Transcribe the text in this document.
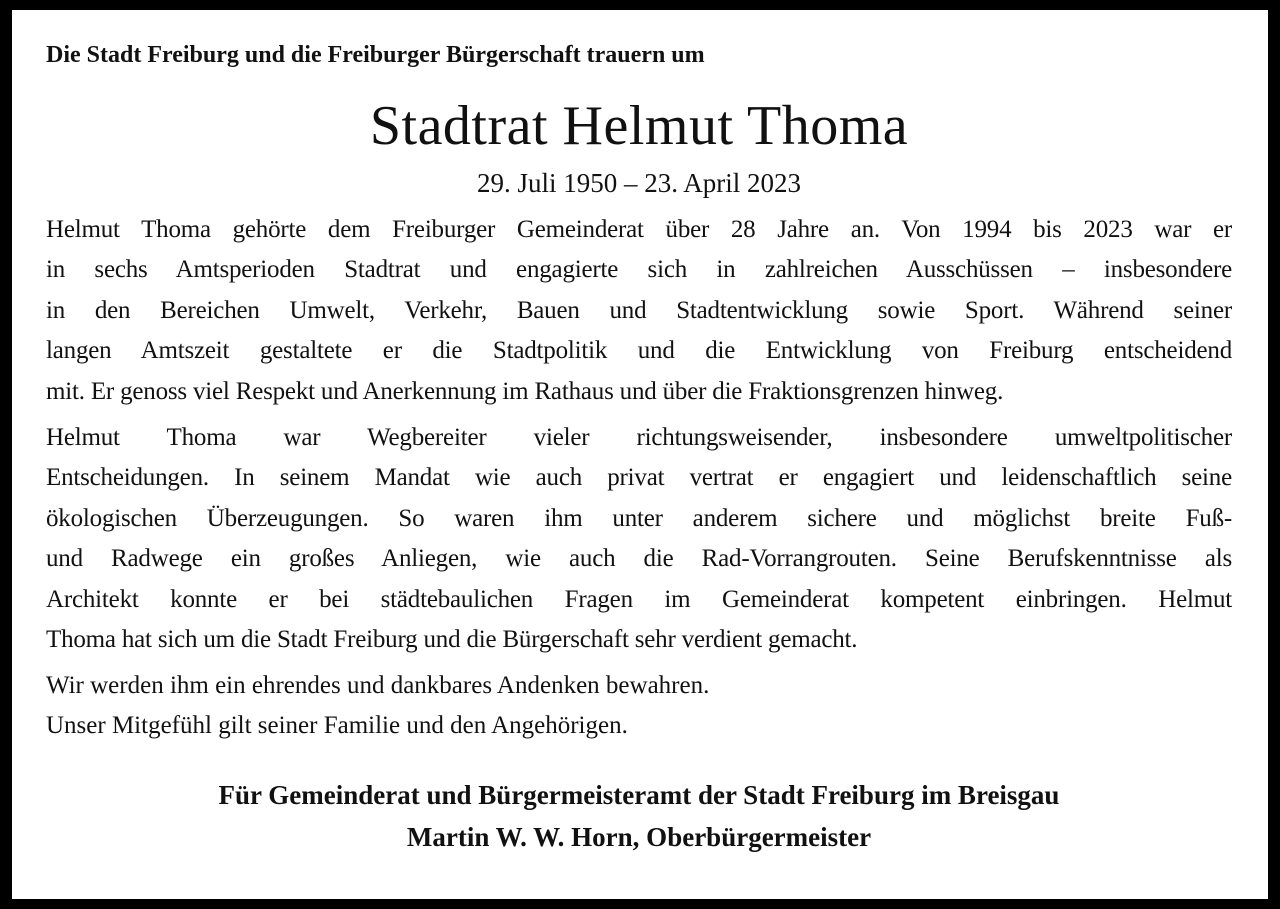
Die Stadt Freiburg und die Freiburger Bürgerschaft trauern um

Stadtrat Helmut Thoma

29. Juli 1950 – 23. April 2023

Helmut Thoma gehörte dem Freiburger Gemeinderat über 28 Jahre an. Von 1994 bis 2023 war er
in sechs Amtsperioden Stadtrat und engagierte sich in zahlreichen Ausschüssen – insbesondere
in den Bereichen Umwelt, Verkehr, Bauen und Stadtentwicklung sowie Sport. Während seiner
langen Amtszeit gestaltete er die Stadtpolitik und die Entwicklung von Freiburg entscheidend
mit. Er genoss viel Respekt und Anerkennung im Rathaus und über die Fraktionsgrenzen hinweg.

Helmut Thoma war Wegbereiter vieler richtungsweisender, insbesondere umweltpolitischer
Entscheidungen. In seinem Mandat wie auch privat vertrat er engagiert und leidenschaftlich seine
ökologischen Überzeugungen. So waren ihm unter anderem sichere und möglichst breite Fuß-
und Radwege ein großes Anliegen, wie auch die Rad-Vorrangrouten. Seine Berufskenntnisse als
Architekt konnte er bei städtebaulichen Fragen im Gemeinderat kompetent einbringen. Helmut
Thoma hat sich um die Stadt Freiburg und die Bürgerschaft sehr verdient gemacht.

Wir werden ihm ein ehrendes und dankbares Andenken bewahren.
Unser Mitgefühl gilt seiner Familie und den Angehörigen.

Für Gemeinderat und Bürgermeisteramt der Stadt Freiburg im Breisgau
Martin W. W. Horn, Oberbürgermeister
